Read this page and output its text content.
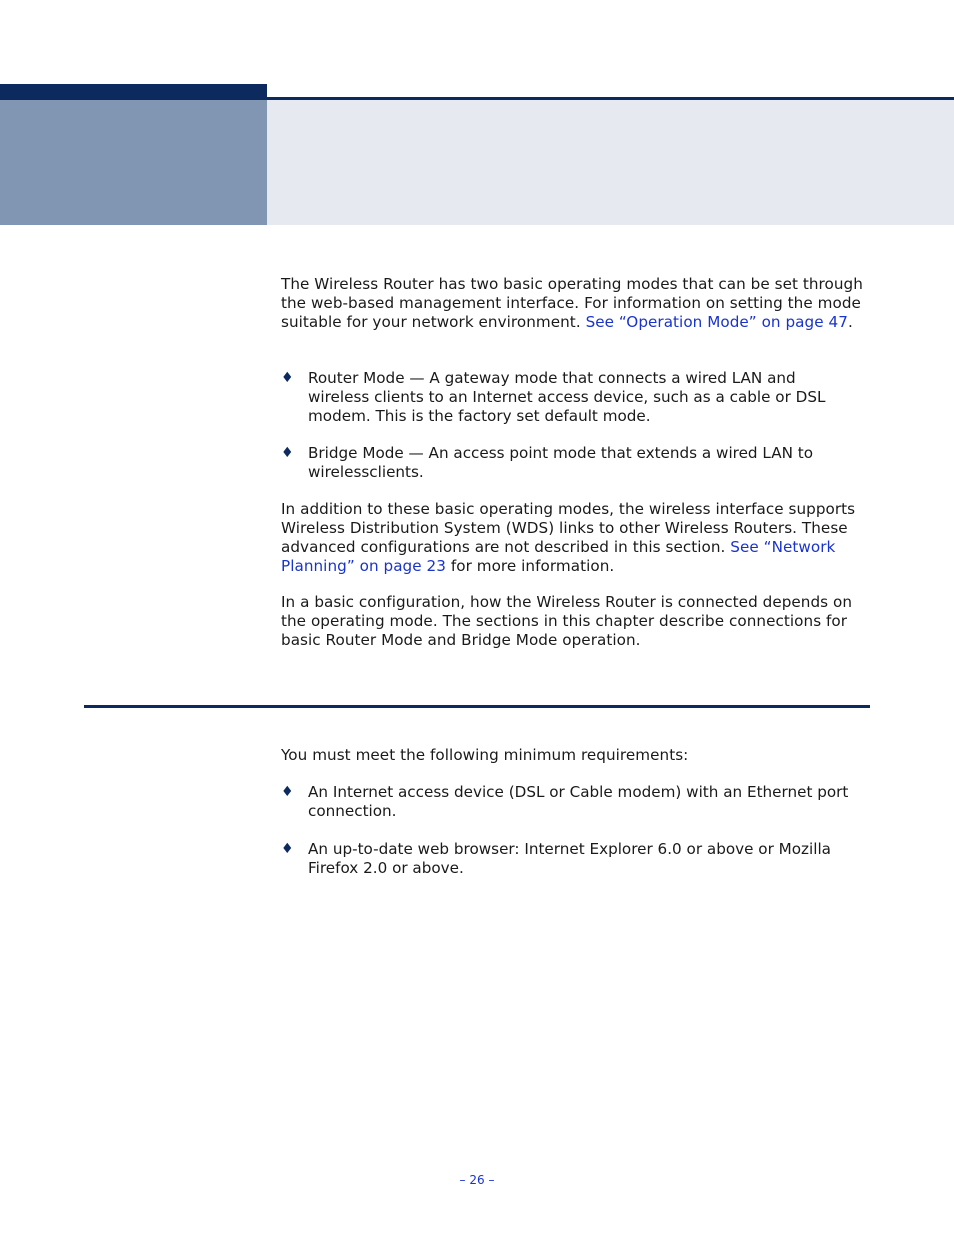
The Wireless Router has two basic operating modes that can be set through the web-based management interface. For information on setting the mode suitable for your network environment. See “Operation Mode” on page 47.

♦ Router Mode — A gateway mode that connects a wired LAN and
wireless clients to an Internet access device, such as a cable or DSL modem. This is the factory set default mode.
♦ Bridge Mode — An access point mode that extends a wired LAN to
wirelessclients.

In addition to these basic operating modes, the wireless interface supports Wireless Distribution System (WDS) links to other Wireless Routers. These advanced configurations are not described in this section. See “Network Planning” on page 23 for more information.

In a basic configuration, how the Wireless Router is connected depends on the operating mode. The sections in this chapter describe connections for basic Router Mode and Bridge Mode operation.

You must meet the following minimum requirements:

♦ An Internet access device (DSL or Cable modem) with an Ethernet port
connection.
♦ An up-to-date web browser: Internet Explorer 6.0 or above or Mozilla
Firefox 2.0 or above.
– 26 –
